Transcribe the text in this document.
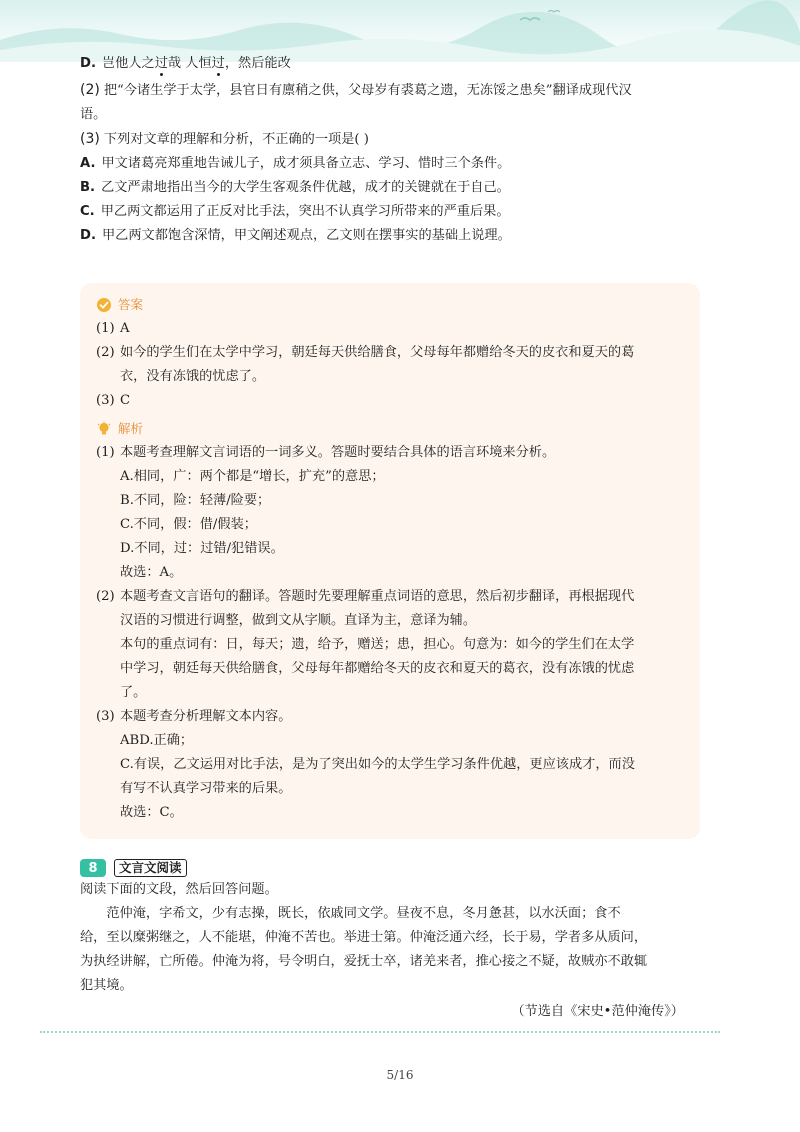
D. 岂他人之过哉 人恒过，然后能改

(2) 把“今诸生学于太学，县官日有廪稍之供，父母岁有裘葛之遗，无冻馁之患矣”翻译成现代汉

语。

(3) 下列对文章的理解和分析，不正确的一项是( )

A. 甲文诸葛亮郑重地告诫儿子，成才须具备立志、学习、惜时三个条件。

B. 乙文严肃地指出当今的大学生客观条件优越，成才的关键就在于自己。

C. 甲乙两文都运用了正反对比手法，突出不认真学习所带来的严重后果。

D. 甲乙两文都饱含深情，甲文阐述观点，乙文则在摆事实的基础上说理。

答案
(1) A
(2) 如今的学生们在太学中学习，朝廷每天供给膳食，父母每年都赠给冬天的皮衣和夏天的葛
衣，没有冻饿的忧虑了。
(3) C
解析
(1) 本题考查理解文言词语的一词多义。答题时要结合具体的语言环境来分析。
A.相同，广：两个都是“增长，扩充”的意思；
B.不同，险：轻薄/险要；
C.不同，假：借/假装；
D.不同，过：过错/犯错误。
故选：A。
(2) 本题考查文言语句的翻译。答题时先要理解重点词语的意思，然后初步翻译，再根据现代
汉语的习惯进行调整，做到文从字顺。直译为主，意译为辅。
本句的重点词有：日，每天；遗，给予，赠送；患，担心。句意为：如今的学生们在太学
中学习，朝廷每天供给膳食，父母每年都赠给冬天的皮衣和夏天的葛衣，没有冻饿的忧虑
了。
(3) 本题考查分析理解文本内容。
ABD.正确；
C.有误，乙文运用对比手法，是为了突出如今的太学生学习条件优越，更应该成才，而没
有写不认真学习带来的后果。
故选：C。
8	文言文阅读

阅读下面的文段，然后回答问题。

　　范仲淹，字希文，少有志操，既长，依戚同文学。昼夜不息，冬月惫甚，以水沃面；食不

给，至以糜粥继之，人不能堪，仲淹不苦也。举进士第。仲淹泛通六经，长于易，学者多从质问，

为执经讲解，亡所倦。仲淹为将，号令明白，爱抚士卒，诸羌来者，推心接之不疑，故贼亦不敢辄

犯其境。

（节选自《宋史•范仲淹传》）
5/16
